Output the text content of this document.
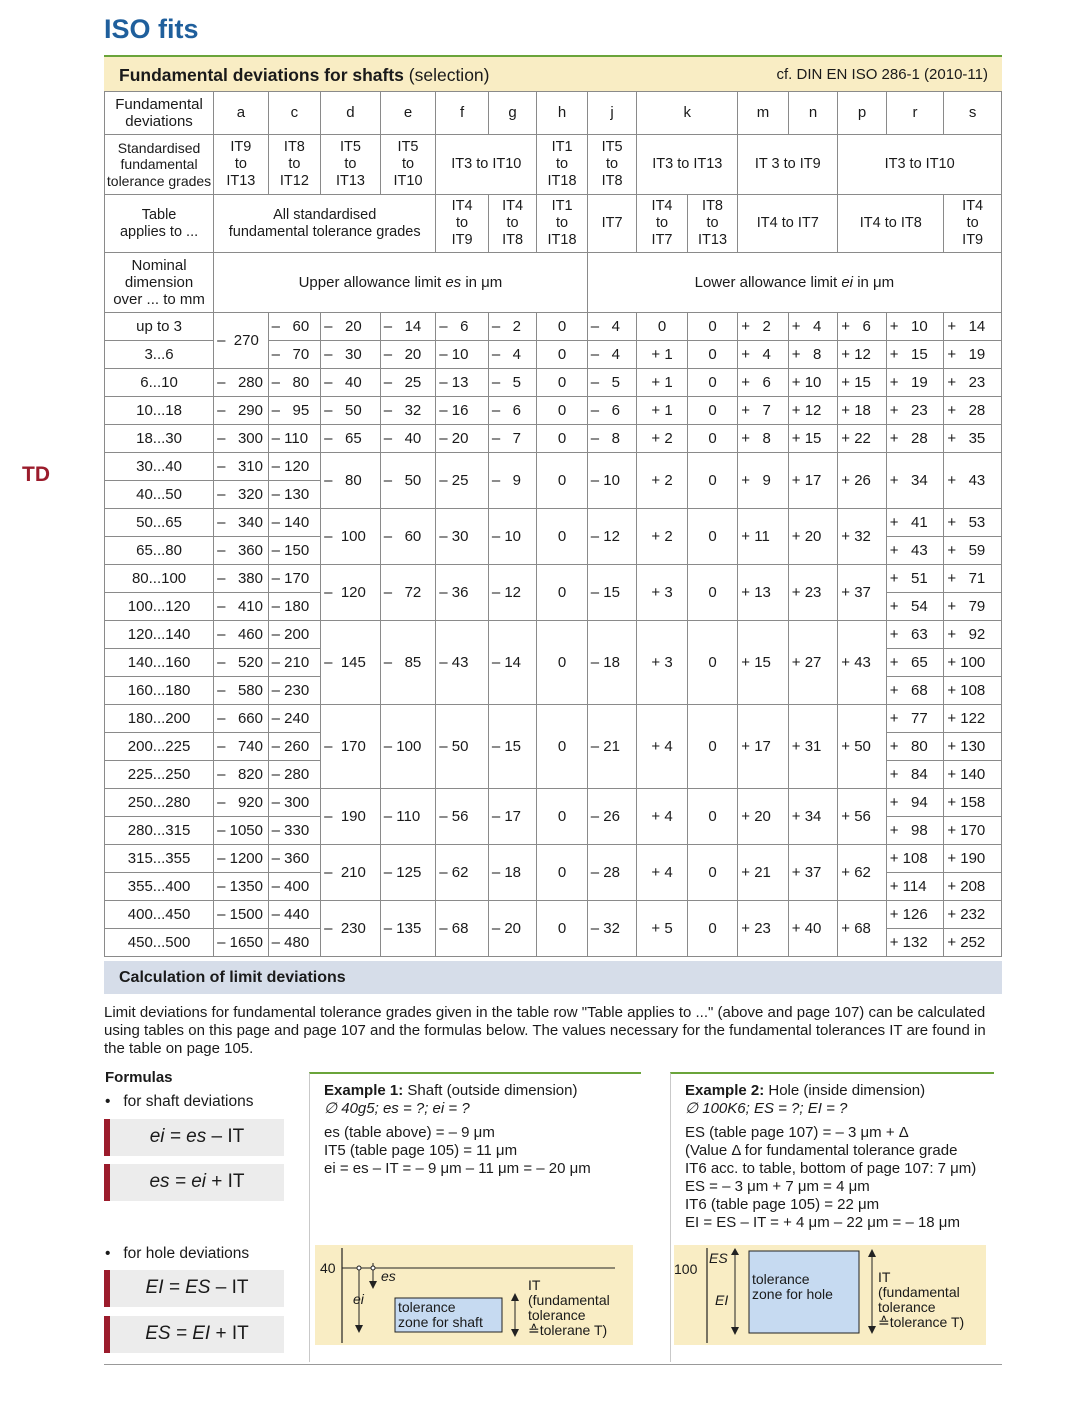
ISO fits
TD
Fundamental deviations for shafts (selection)	cf. DIN EN ISO 286-1 (2010-11)
Fundamental
deviations	a	c	d	e	f	g	h	j	k		m	n	p	r	s
Standardised
fundamental
tolerance grades	IT9
to
IT13	IT8
to
IT12	IT5
to
IT13	IT5
to
IT10	IT3 to IT10		IT1
to
IT18	IT5
to
IT8	IT3 to IT13		IT 3 to IT9		IT3 to IT10		
Table
applies to ...	All standardised
fundamental tolerance grades				IT4
to
IT9	IT4
to
IT8	IT1
to
IT18	IT7	IT4
to
IT7	IT8
to
IT13	IT4 to IT7		IT4 to IT8		IT4
to
IT9
Nominal
dimension
over ... to mm	Upper allowance limit es in μm							Lower allowance limit ei in μm							
up to 3	–  270	–   60	–   20	–   14	–   6	–   2	0	–   4	0	0	+   2	+   4	+   6	+   10	+   14
3...6		–   70	–   30	–   20	– 10	–   4	0	–   4	+ 1	0	+   4	+   8	+ 12	+   15	+   19
6...10	–   280	–   80	–   40	–   25	– 13	–   5	0	–   5	+ 1	0	+   6	+ 10	+ 15	+   19	+   23
10...18	–   290	–   95	–   50	–   32	– 16	–   6	0	–   6	+ 1	0	+   7	+ 12	+ 18	+   23	+   28
18...30	–   300	– 110	–   65	–   40	– 20	–   7	0	–   8	+ 2	0	+   8	+ 15	+ 22	+   28	+   35
30...40	–   310	– 120	–   80	–   50	– 25	–   9	0	– 10	+ 2	0	+   9	+ 17	+ 26	+   34	+   43
40...50	–   320	– 130													
50...65	–   340	– 140	–  100	–   60	– 30	– 10	0	– 12	+ 2	0	+ 11	+ 20	+ 32	+   41	+   53
65...80	–   360	– 150												+   43	+   59
80...100	–   380	– 170	–  120	–   72	– 36	– 12	0	– 15	+ 3	0	+ 13	+ 23	+ 37	+   51	+   71
100...120	–   410	– 180												+   54	+   79
120...140	–   460	– 200	–  145	–   85	– 43	– 14	0	– 18	+ 3	0	+ 15	+ 27	+ 43	+   63	+   92
140...160	–   520	– 210												+   65	+ 100
160...180	–   580	– 230												+   68	+ 108
180...200	–   660	– 240	–  170	– 100	– 50	– 15	0	– 21	+ 4	0	+ 17	+ 31	+ 50	+   77	+ 122
200...225	–   740	– 260												+   80	+ 130
225...250	–   820	– 280												+   84	+ 140
250...280	–   920	– 300	–  190	– 110	– 56	– 17	0	– 26	+ 4	0	+ 20	+ 34	+ 56	+   94	+ 158
280...315	– 1050	– 330												+   98	+ 170
315...355	– 1200	– 360	–  210	– 125	– 62	– 18	0	– 28	+ 4	0	+ 21	+ 37	+ 62	+ 108	+ 190
355...400	– 1350	– 400												+ 114	+ 208
400...450	– 1500	– 440	–  230	– 135	– 68	– 20	0	– 32	+ 5	0	+ 23	+ 40	+ 68	+ 126	+ 232
450...500	– 1650	– 480												+ 132	+ 252
Calculation of limit deviations
Limit deviations for fundamental tolerance grades given in the table row "Table applies to ..." (above and page 107) can be calculated using tables on this page and page 107 and the formulas below. The values necessary for the fundamental tolerances IT are found in the table on page 105.
Formulas
•   for shaft deviations
ei = es – IT
es = ei + IT
•   for hole deviations
EI = ES – IT
ES = EI + IT
Example 1: Shaft (outside dimension)
∅ 40g5; es = ?; ei = ?
es (table above) = – 9 μm
IT5 (table page 105) = 11 μm
ei = es – IT = – 9 μm – 11 μm = – 20 μm
40	es
ei tolerance
zone for shaft
IT
(fundamental
tolerance
≙tolerane T)
Example 2: Hole (inside dimension)
∅ 100K6; ES = ?; EI = ?
ES (table page 107) = – 3 μm + Δ
(Value Δ for fundamental tolerance grade
IT6 acc. to table, bottom of page 107: 7 μm)
ES = – 3 μm + 7 μm = 4 μm
IT6 (table page 105) = 22 μm
EI = ES – IT = + 4 μm – 22 μm = – 18 μm
100
ES
EI
tolerance
zone for hole
IT
(fundamental
tolerance
≙tolerance T)
